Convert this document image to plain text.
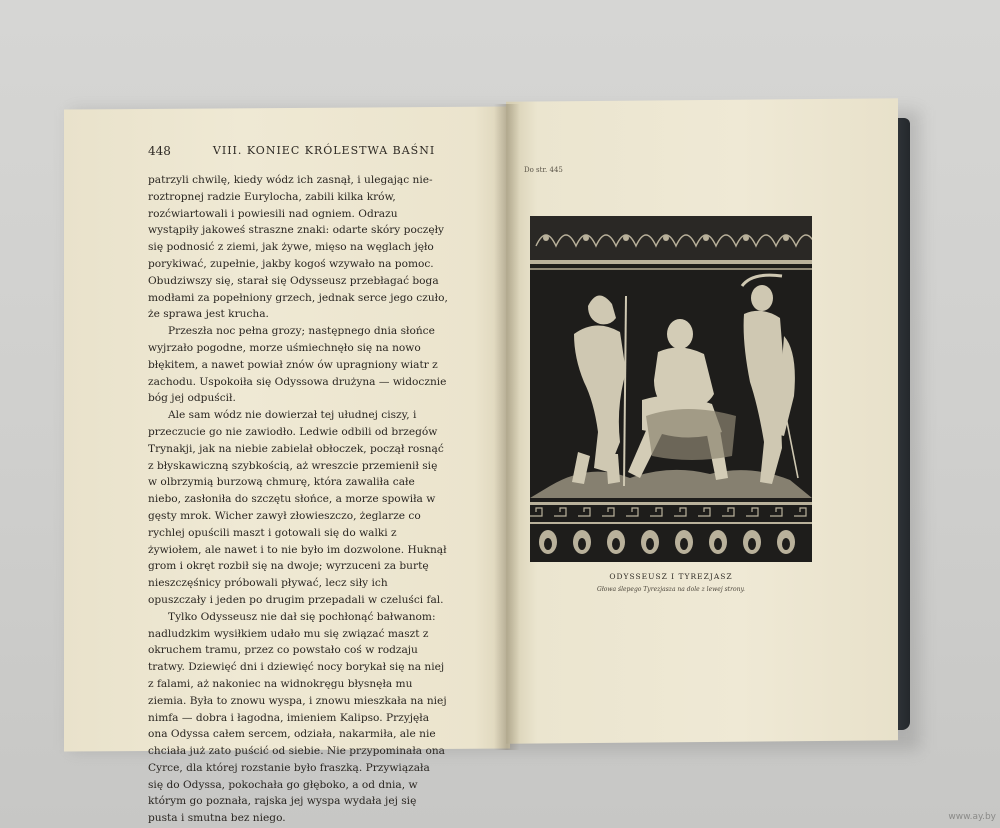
448	VIII. KONIEC KRÓLESTWA BAŚNI

patrzyli chwilę, kiedy wódz ich zasnął, i ulegając nieroztropnej radzie Eurylocha, zabili kilka krów, rozćwiartowali i powiesili nad ogniem. Odrazu wystąpiły jakoweś straszne znaki: odarte skóry poczęły się podnosić z ziemi, jak żywe, mięso na węglach jęło porykiwać, zupełnie, jakby kogoś wzywało na pomoc. Obudziwszy się, starał się Odysseusz przebłagać boga modłami za popełniony grzech, jednak serce jego czuło, że sprawa jest krucha.

Przeszła noc pełna grozy; następnego dnia słońce wyjrzało pogodne, morze uśmiechnęło się na nowo błękitem, a nawet powiał znów ów upragniony wiatr z zachodu. Uspokoiła się Odyssowa drużyna — widocznie bóg jej odpuścił.

Ale sam wódz nie dowierzał tej ułudnej ciszy, i przeczucie go nie zawiodło. Ledwie odbili od brzegów Trynakji, jak na niebie zabielał obłoczek, począł rosnąć z błyskawiczną szybkością, aż wreszcie przemienił się w olbrzymią burzową chmurę, która zawaliła całe niebo, zasłoniła do szczętu słońce, a morze spowiła w gęsty mrok. Wicher zawył złowieszczo, żeglarze co rychlej opuścili maszt i gotowali się do walki z żywiołem, ale nawet i to nie było im dozwolone. Huknął grom i okręt rozbił się na dwoje; wyrzuceni za burtę nieszczęśnicy próbowali pływać, lecz siły ich opuszczały i jeden po drugim przepadali w czeluści fal.

Tylko Odysseusz nie dał się pochłonąć bałwanom: nadludzkim wysiłkiem udało mu się związać maszt z okruchem tramu, przez co powstało coś w rodzaju tratwy. Dziewięć dni i dziewięć nocy borykał się na niej z falami, aż nakoniec na widnokręgu błysnęła mu ziemia. Była to znowu wyspa, i znowu mieszkała na niej nimfa — dobra i łagodna, imieniem Kalipso. Przyjęła ona Odyssa całem sercem, odziała, nakarmiła, ale nie chciała już zato puścić od siebie. Nie przypominała ona Cyrce, dla której rozstanie było fraszką. Przywiązała się do Odyssa, pokochała go głęboko, a od dnia, w którym go poznała, rajska jej wyspa wydała jej się pusta i smutna bez niego.

Do str. 445
ODYSSEUSZ I TYREZJASZ
Głowa ślepego Tyrezjasza na dole z lewej strony.
www.ay.by
